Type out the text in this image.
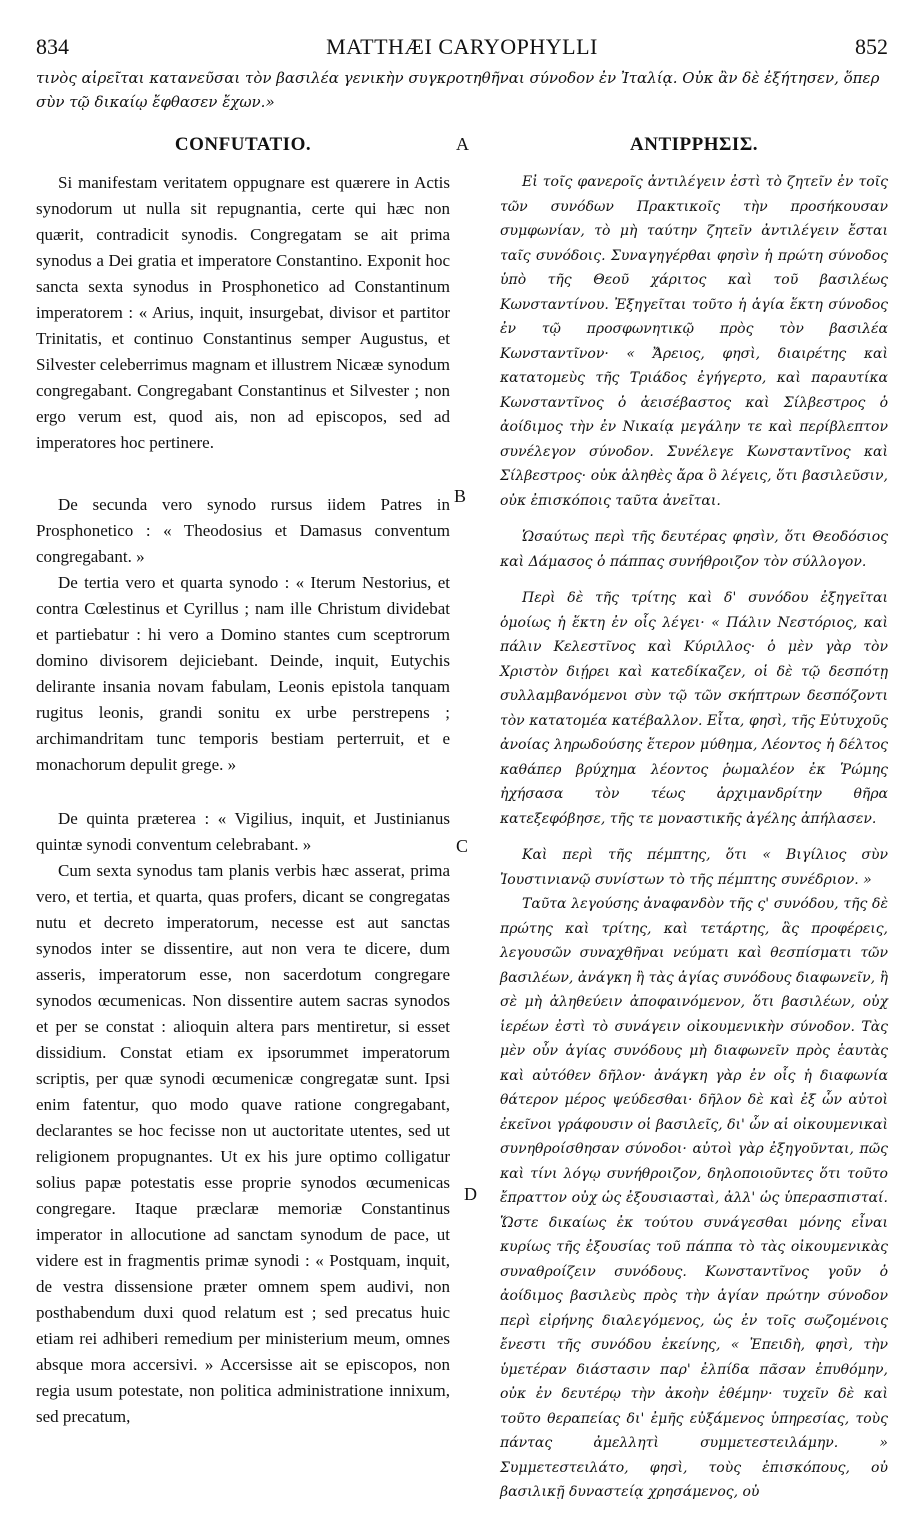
834	MATTHÆI CARYOPHYLLI	852

τινὸς αἱρεῖται κατανεῦσαι τὸν βασιλέα γενικὴν συγκροτηθῆναι σύνοδον ἐν Ἰταλίᾳ. Οὐκ ἂν δὲ ἐξήτησεν, ὅπερ σὺν τῷ δικαίῳ ἔφθασεν ἔχων.»

A
B
C
D
CONFUTATIO.

Si manifestam veritatem oppugnare est quærere in Actis synodorum ut nulla sit repugnantia, certe qui hæc non quærit, contradicit synodis. Congregatam se ait prima synodus a Dei gratia et imperatore Constantino. Exponit hoc sancta sexta synodus in Prosphonetico ad Constantinum imperatorem : « Arius, inquit, insurgebat, divisor et partitor Trinitatis, et continuo Constantinus semper Augustus, et Silvester celeberrimus magnam et illustrem Nicææ synodum congregabant. Congregabant Constantinus et Silvester ; non ergo verum est, quod ais, non ad episcopos, sed ad imperatores hoc pertinere.

De secunda vero synodo rursus iidem Patres in Prosphonetico : « Theodosius et Damasus conventum congregabant. »

De tertia vero et quarta synodo : « Iterum Nestorius, et contra Cœlestinus et Cyrillus ; nam ille Christum dividebat et partiebatur : hi vero a Domino stantes cum sceptrorum domino divisorem dejiciebant. Deinde, inquit, Eutychis delirante insania novam fabulam, Leonis epistola tanquam rugitus leonis, grandi sonitu ex urbe perstrepens ; archimandritam tunc temporis bestiam perterruit, et e monachorum depulit grege. »

De quinta præterea : « Vigilius, inquit, et Justinianus quintæ synodi conventum celebrabant. »

Cum sexta synodus tam planis verbis hæc asserat, prima vero, et tertia, et quarta, quas profers, dicant se congregatas nutu et decreto imperatorum, necesse est aut sanctas synodos inter se dissentire, aut non vera te dicere, dum asseris, imperatorum esse, non sacerdotum congregare synodos œcumenicas. Non dissentire autem sacras synodos et per se constat : alioquin altera pars mentiretur, si esset dissidium. Constat etiam ex ipsorummet imperatorum scriptis, per quæ synodi œcumenicæ congregatæ sunt. Ipsi enim fatentur, quo modo quave ratione congregabant, declarantes se hoc fecisse non ut auctoritate utentes, sed ut religionem propugnantes. Ut ex his jure optimo colligatur solius papæ potestatis esse proprie synodos œcumenicas congregare. Itaque præclaræ memoriæ Constantinus imperator in allocutione ad sanctam synodum de pace, ut videre est in fragmentis primæ synodi : « Postquam, inquit, de vestra dissensione præter omnem spem audivi, non posthabendum duxi quod relatum est ; sed precatus huic etiam rei adhiberi remedium per ministerium meum, omnes absque mora accersivi. » Accersisse ait se episcopos, non regia usum potestate, non politica administratione innixum, sed precatum,

ΑΝΤΙΡΡΗΣΙΣ.

Εἰ τοῖς φανεροῖς ἀντιλέγειν ἐστὶ τὸ ζητεῖν ἐν τοῖς τῶν συνόδων Πρακτικοῖς τὴν προσήκουσαν συμφωνίαν, τὸ μὴ ταύτην ζητεῖν ἀντιλέγειν ἔσται ταῖς συνόδοις. Συναγηγέρθαι φησὶν ἡ πρώτη σύνοδος ὑπὸ τῆς Θεοῦ χάριτος καὶ τοῦ βασιλέως Κωνσταντίνου. Ἐξηγεῖται τοῦτο ἡ ἁγία ἕκτη σύνοδος ἐν τῷ προσφωνητικῷ πρὸς τὸν βασιλέα Κωνσταντῖνον· « Ἄρειος, φησὶ, διαιρέτης καὶ κατατομεὺς τῆς Τριάδος ἐγήγερτο, καὶ παραυτίκα Κωνσταντῖνος ὁ ἀεισέβαστος καὶ Σίλβεστρος ὁ ἀοίδιμος τὴν ἐν Νικαίᾳ μεγάλην τε καὶ περίβλεπτον συνέλεγον σύνοδον. Συνέλεγε Κωνσταντῖνος καὶ Σίλβεστρος· οὐκ ἀληθὲς ἄρα ὃ λέγεις, ὅτι βασιλεῦσιν, οὐκ ἐπισκόποις ταῦτα ἀνεῖται.

Ὡσαύτως περὶ τῆς δευτέρας φησὶν, ὅτι Θεοδόσιος καὶ Δάμασος ὁ πάππας συνήθροιζον τὸν σύλλογον.

Περὶ δὲ τῆς τρίτης καὶ δ' συνόδου ἐξηγεῖται ὁμοίως ἡ ἕκτη ἐν οἷς λέγει· « Πάλιν Νεστόριος, καὶ πάλιν Κελεστῖνος καὶ Κύριλλος· ὁ μὲν γὰρ τὸν Χριστὸν διῄρει καὶ κατεδίκαζεν, οἱ δὲ τῷ δεσπότῃ συλλαμβανόμενοι σὺν τῷ τῶν σκήπτρων δεσπόζοντι τὸν κατατομέα κατέβαλλον. Εἶτα, φησὶ, τῆς Εὐτυχοῦς ἀνοίας ληρωδούσης ἕτερον μύθημα, Λέοντος ἡ δέλτος καθάπερ βρύχημα λέοντος ῥωμαλέον ἐκ Ῥώμης ἠχήσασα τὸν τέως ἀρχιμανδρίτην θῆρα κατεξεφόβησε, τῆς τε μοναστικῆς ἀγέλης ἀπήλασεν.

Καὶ περὶ τῆς πέμπτης, ὅτι « Βιγίλιος σὺν Ἰουστινιανῷ συνίστων τὸ τῆς πέμπτης συνέδριον. »

Ταῦτα λεγούσης ἀναφανδὸν τῆς ς' συνόδου, τῆς δὲ πρώτης καὶ τρίτης, καὶ τετάρτης, ἃς προφέρεις, λεγουσῶν συναχθῆναι νεύματι καὶ θεσπίσματι τῶν βασιλέων, ἀνάγκη ἢ τὰς ἁγίας συνόδους διαφωνεῖν, ἢ σὲ μὴ ἀληθεύειν ἀποφαινόμενον, ὅτι βασιλέων, οὐχ ἱερέων ἐστὶ τὸ συνάγειν οἰκουμενικὴν σύνοδον. Τὰς μὲν οὖν ἁγίας συνόδους μὴ διαφωνεῖν πρὸς ἑαυτὰς καὶ αὐτόθεν δῆλον· ἀνάγκη γὰρ ἐν οἷς ἡ διαφωνία θάτερον μέρος ψεύδεσθαι· δῆλον δὲ καὶ ἐξ ὧν αὐτοὶ ἐκεῖνοι γράφουσιν οἱ βασιλεῖς, δι' ὧν αἱ οἰκουμενικαὶ συνηθροίσθησαν σύνοδοι· αὐτοὶ γὰρ ἐξηγοῦνται, πῶς καὶ τίνι λόγῳ συνήθροιζον, δηλοποιοῦντες ὅτι τοῦτο ἔπραττον οὐχ ὡς ἐξουσιασταὶ, ἀλλ' ὡς ὑπερασπισταί. Ὥστε δικαίως ἐκ τούτου συνάγεσθαι μόνης εἶναι κυρίως τῆς ἐξουσίας τοῦ πάππα τὸ τὰς οἰκουμενικὰς συναθροίζειν συνόδους. Κωνσταντῖνος γοῦν ὁ ἀοίδιμος βασιλεὺς πρὸς τὴν ἁγίαν πρώτην σύνοδον περὶ εἰρήνης διαλεγόμενος, ὡς ἐν τοῖς σωζομένοις ἔνεστι τῆς συνόδου ἐκείνης, « Ἐπειδὴ, φησὶ, τὴν ὑμετέραν διάστασιν παρ' ἐλπίδα πᾶσαν ἐπυθόμην, οὐκ ἐν δευτέρῳ τὴν ἀκοὴν ἐθέμην· τυχεῖν δὲ καὶ τοῦτο θεραπείας δι' ἐμῆς εὐξάμενος ὑπηρεσίας, τοὺς πάντας ἀμελλητὶ συμμετεστειλάμην. » Συμμετεστειλάτο, φησὶ, τοὺς ἐπισκόπους, οὐ βασιλικῇ δυναστείᾳ χρησάμενος, οὐ
